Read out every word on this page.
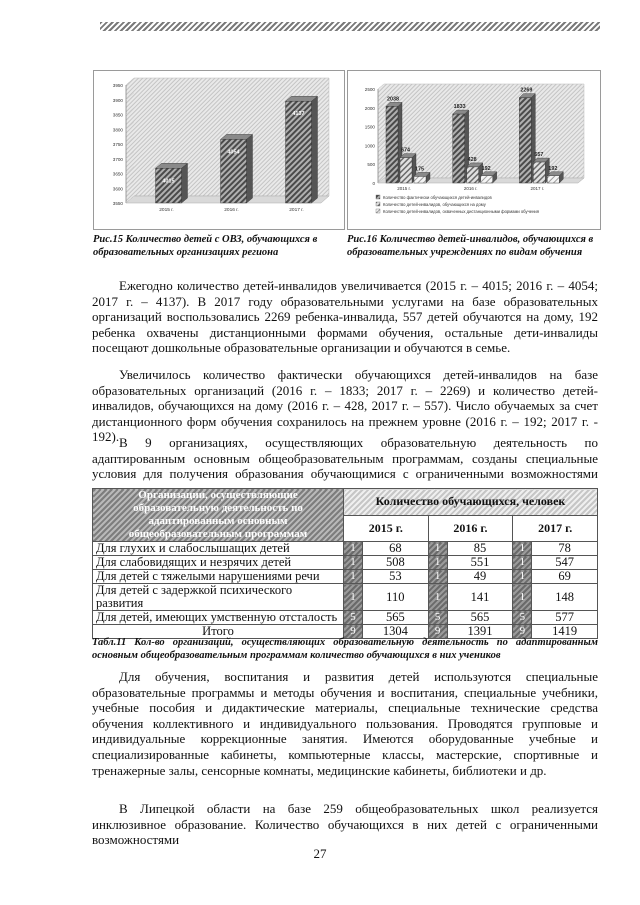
3950
3900
3850
3800
3750
3700
3650
3600
3550
4015
2015 г.
4054
2016 г.
4137
2017 г.
Рис.15 Количество детей с ОВЗ, обучающихся в образовательных организациях региона
2500
2000
1500
1000
500
0
2038
674
175
2015 г.
1833
428
192
2016 г.
2269
557
192
2017 г.
Количество фактически обучающихся детей-инвалидов
Количество детей-инвалидов, обучающихся на дому
Количество детей-инвалидов, охваченных дистанционными формами обучения
Рис.16 Количество детей-инвалидов, обучающихся в образовательных учреждениях по видам обучения

Ежегодно количество детей-инвалидов увеличивается (2015 г. – 4015; 2016 г. – 4054; 2017 г. – 4137). В 2017 году образовательными услугами на базе образовательных организаций воспользовались 2269 ребенка-инвалида, 557 детей обучаются на дому, 192 ребенка охвачены дистанционными формами обучения, остальные дети-инвалиды посещают дошкольные образовательные организации и обучаются в семье.

Увеличилось количество фактически обучающихся детей-инвалидов на базе образовательных организаций (2016 г. – 1833; 2017 г. – 2269) и количество детей-инвалидов, обучающихся на дому (2016 г. – 428, 2017 г. – 557). Число обучаемых за счет дистанционного форм обучения сохранилось на прежнем уровне (2016 г. – 192; 2017 г. - 192). В 9 организациях, осуществляющих образовательную деятельность по адаптированным основным общеобразовательным программам, созданы специальные условия для получения образования обучающимися с ограниченными возможностями

Организации, осуществляющие образовательную деятельность по адаптированным основным общеобразовательным программам	Количество обучающихся, человек					
	2015 г.		2016 г.		2017 г.	
Для глухих и слабослышащих детей	1	68	1	85	1	78
Для слабовидящих и незрячих детей	1	508	1	551	1	547
Для детей с тяжелыми нарушениями речи	1	53	1	49	1	69
Для детей с задержкой психического развития	1	110	1	141	1	148
Для детей, имеющих умственную отсталость	5	565	5	565	5	577
Итого	9	1304	9	1391	9	1419
Табл.11 Кол-во организаций, осуществляющих образовательную деятельность по адаптированным основным общеобразовательным программам количество обучающихся в них учеников

Для обучения, воспитания и развития детей используются специальные образовательные программы и методы обучения и воспитания, специальные учебники, учебные пособия и дидактические материалы, специальные технические средства обучения коллективного и индивидуального пользования. Проводятся групповые и индивидуальные коррекционные занятия. Имеются оборудованные учебные и специализированные кабинеты, компьютерные классы, мастерские, спортивные и тренажерные залы, сенсорные комнаты, медицинские кабинеты, библиотеки и др.

В Липецкой области на базе 259 общеобразовательных школ реализуется инклюзивное образование. Количество обучающихся в них детей с ограниченными возможностями

27
